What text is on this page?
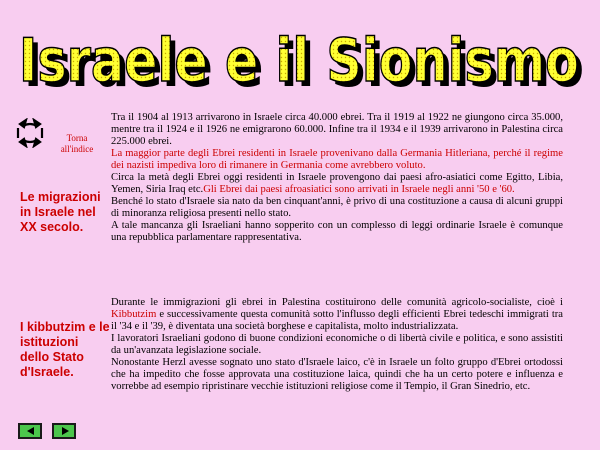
Israele e il Sionismo
Israele e il Sionismo
Torna all'indice
Le migrazioni in Israele nel XX secolo.
I kibbutzim e le istituzioni dello Stato d'Israele.

Tra il 1904 al 1913 arrivarono in Israele circa 40.000 ebrei. Tra il 1919 al 1922 ne giungono circa 35.000, mentre tra il 1924 e il 1926 ne emigrarono 60.000. Infine tra il 1934 e il 1939 arrivarono in Palestina circa 225.000 ebrei.

La maggior parte degli Ebrei residenti in Israele provenivano dalla Germania Hitleriana, perché il regime dei nazisti impediva loro di rimanere in Germania come avrebbero voluto.

Circa la metà degli Ebrei oggi residenti in Israele provengono dai paesi afro-asiatici come Egitto, Libia, Yemen, Siria Iraq etc.Gli Ebrei dai paesi afroasiatici sono arrivati in Israele negli anni '50 e '60.

Benché lo stato d'Israele sia nato da ben cinquant'anni, è privo di una costituzione a causa di alcuni gruppi di minoranza religiosa presenti nello stato.

A tale mancanza gli Israeliani hanno sopperito con un complesso di leggi ordinarie Israele è comunque una repubblica parlamentare rappresentativa.

Durante le immigrazioni gli ebrei in Palestina costituirono delle comunità agricolo-socialiste, cioè i Kibbutzim e successivamente questa comunità sotto l'influsso degli efficienti Ebrei tedeschi immigrati tra il '34 e il '39, è diventata una società borghese e capitalista, molto industrializzata.

I lavoratori Israeliani godono di buone condizioni economiche o di libertà civile e politica, e sono assistiti da un'avanzata legislazione sociale.

Nonostante Herzl avesse sognato uno stato d'Israele laico, c'è in Israele un folto gruppo d'Ebrei ortodossi che ha impedito che fosse approvata una costituzione laica, quindi che ha un certo potere e influenza e vorrebbe ad esempio ripristinare vecchie istituzioni religiose come il Tempio, il Gran Sinedrio, etc.
